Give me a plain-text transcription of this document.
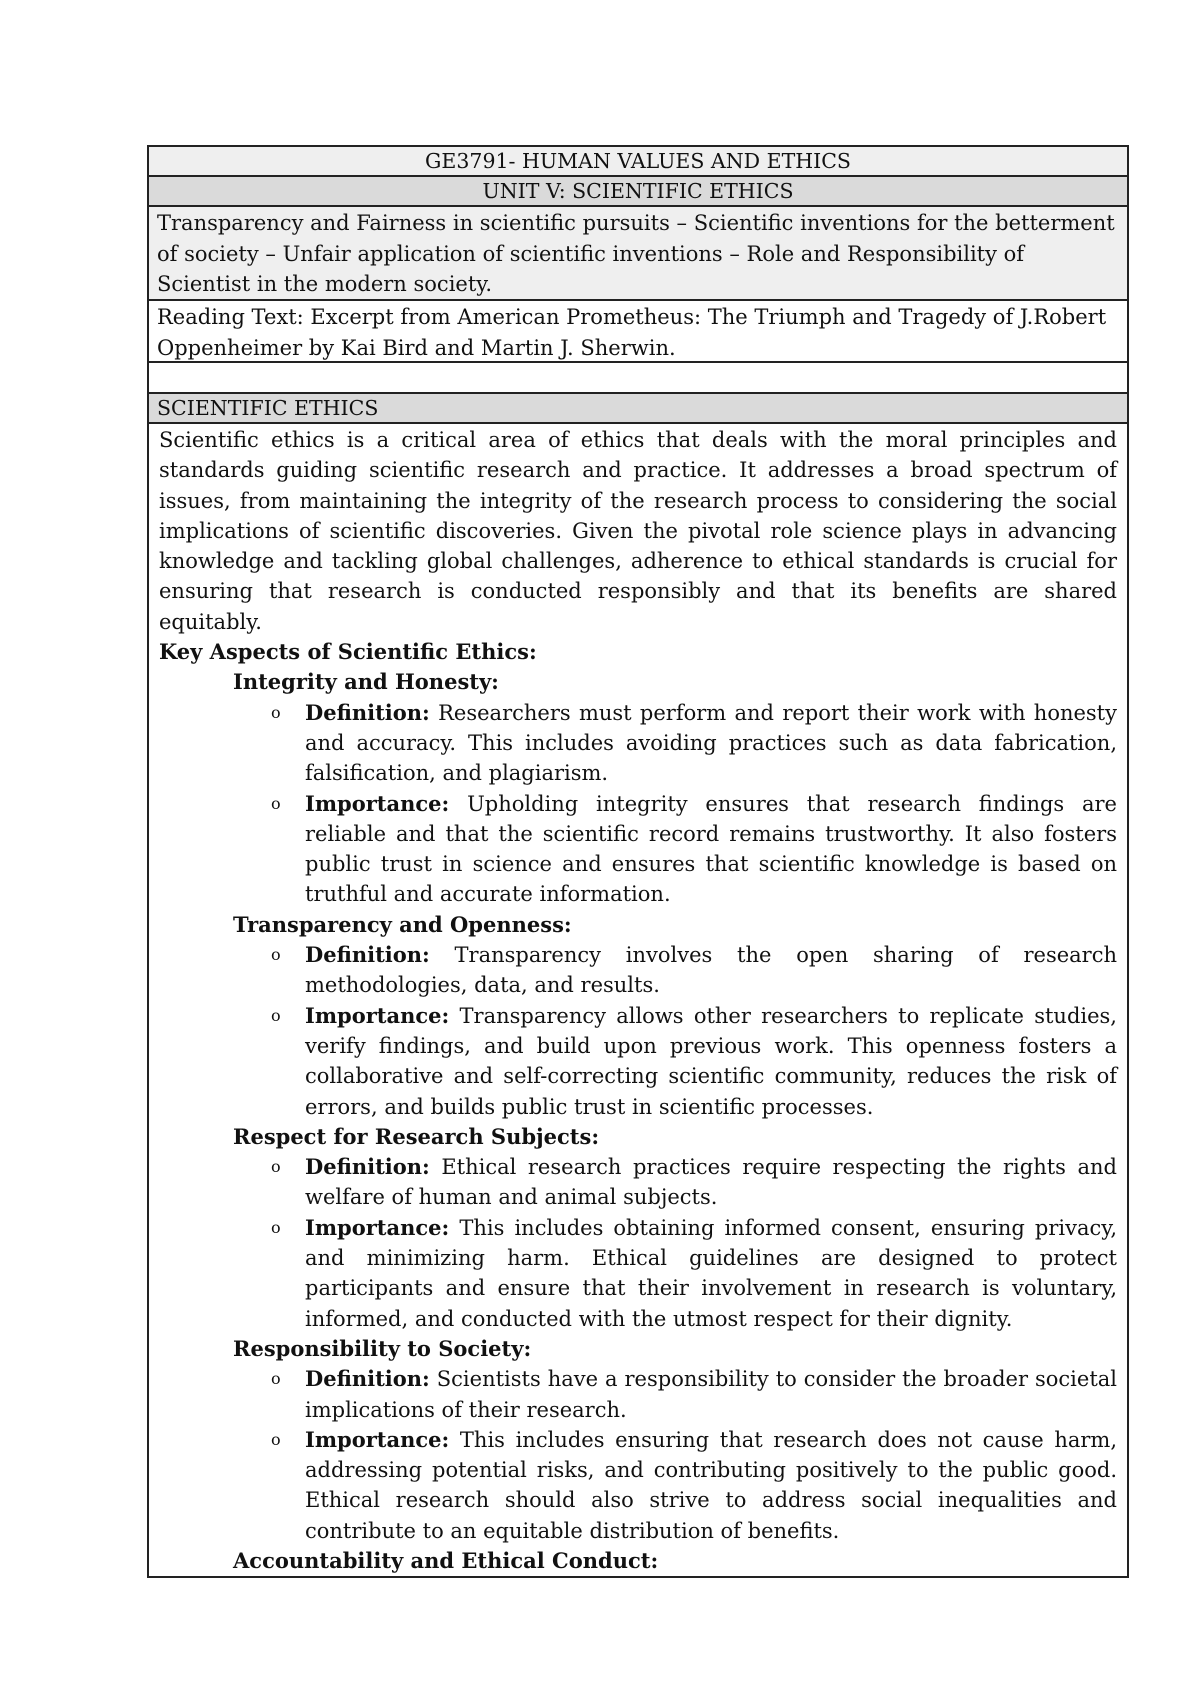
GE3791- HUMAN VALUES AND ETHICS
UNIT V: SCIENTIFIC ETHICS
Transparency and Fairness in scientific pursuits – Scientific inventions for the betterment of society – Unfair application of scientific inventions – Role and Responsibility of Scientist in the modern society.
Reading Text: Excerpt from American Prometheus: The Triumph and Tragedy of J.Robert Oppenheimer by Kai Bird and Martin J. Sherwin.
SCIENTIFIC ETHICS

Scientific ethics is a critical area of ethics that deals with the moral principles and standards guiding scientific research and practice. It addresses a broad spectrum of issues, from maintaining the integrity of the research process to considering the social implications of scientific discoveries. Given the pivotal role science plays in advancing knowledge and tackling global challenges, adherence to ethical standards is crucial for ensuring that research is conducted responsibly and that its benefits are shared equitably.

Key Aspects of Scientific Ethics:

Integrity and Honesty:
o Definition: Researchers must perform and report their work with honesty and accuracy. This includes avoiding practices such as data fabrication, falsification, and plagiarism.
o Importance: Upholding integrity ensures that research findings are reliable and that the scientific record remains trustworthy. It also fosters public trust in science and ensures that scientific knowledge is based on truthful and accurate information.
Transparency and Openness:
o Definition: Transparency involves the open sharing of research methodologies, data, and results.
o Importance: Transparency allows other researchers to replicate studies, verify findings, and build upon previous work. This openness fosters a collaborative and self-correcting scientific community, reduces the risk of errors, and builds public trust in scientific processes.
Respect for Research Subjects:
o Definition: Ethical research practices require respecting the rights and welfare of human and animal subjects.
o Importance: This includes obtaining informed consent, ensuring privacy, and minimizing harm. Ethical guidelines are designed to protect participants and ensure that their involvement in research is voluntary, informed, and conducted with the utmost respect for their dignity.
Responsibility to Society:
o Definition: Scientists have a responsibility to consider the broader societal implications of their research.
o Importance: This includes ensuring that research does not cause harm, addressing potential risks, and contributing positively to the public good. Ethical research should also strive to address social inequalities and contribute to an equitable distribution of benefits.
Accountability and Ethical Conduct:
